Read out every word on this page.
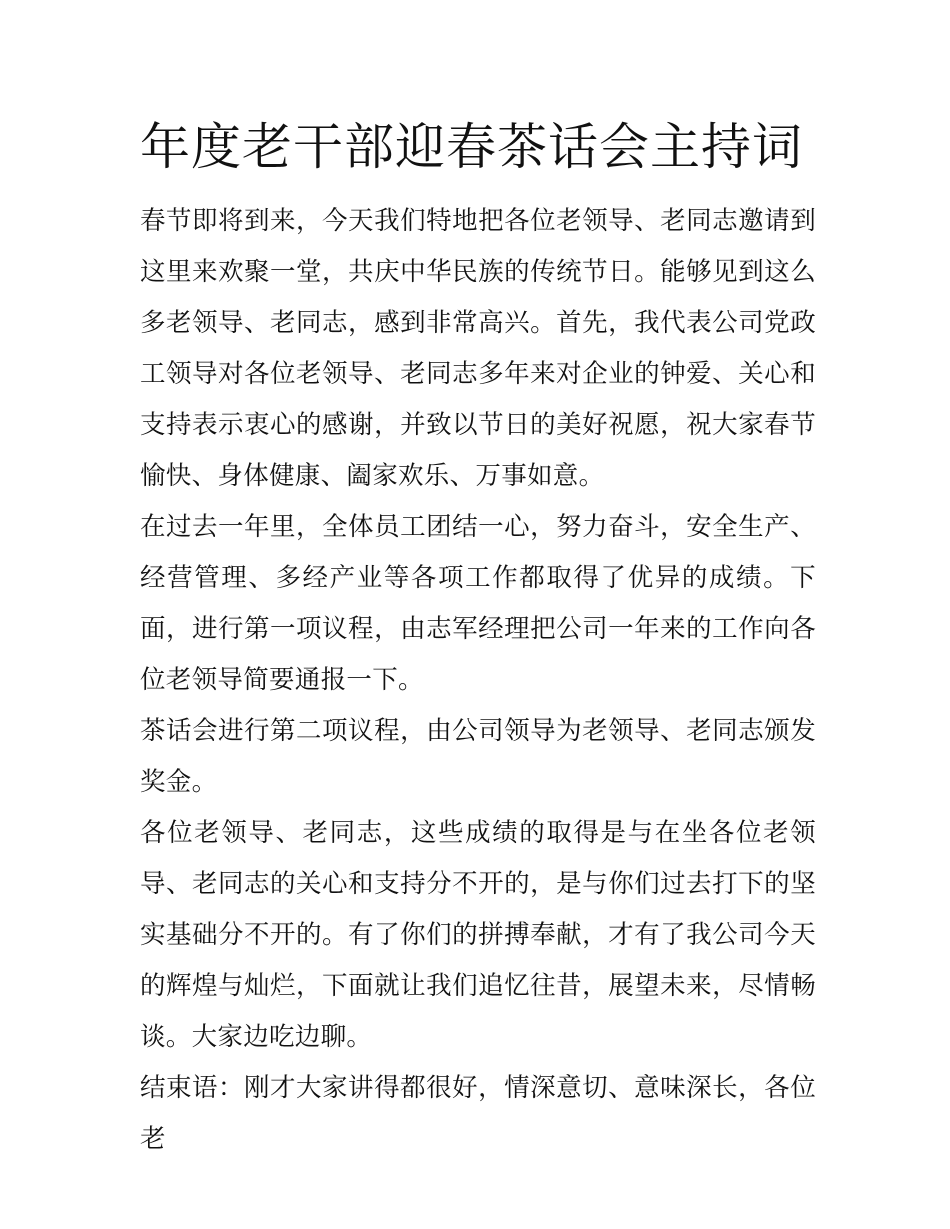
年度老干部迎春茶话会主持词

春节即将到来，今天我们特地把各位老领导、老同志邀请到这里来欢聚一堂，共庆中华民族的传统节日。能够见到这么多老领导、老同志，感到非常高兴。首先，我代表公司党政工领导对各位老领导、老同志多年来对企业的钟爱、关心和支持表示衷心的感谢，并致以节日的美好祝愿，祝大家春节愉快、身体健康、阖家欢乐、万事如意。

在过去一年里，全体员工团结一心，努力奋斗，安全生产、经营管理、多经产业等各项工作都取得了优异的成绩。下面，进行第一项议程，由志军经理把公司一年来的工作向各位老领导简要通报一下。

茶话会进行第二项议程，由公司领导为老领导、老同志颁发奖金。

各位老领导、老同志，这些成绩的取得是与在坐各位老领导、老同志的关心和支持分不开的，是与你们过去打下的坚实基础分不开的。有了你们的拼搏奉献，才有了我公司今天的辉煌与灿烂，下面就让我们追忆往昔，展望未来，尽情畅谈。大家边吃边聊。

结束语：刚才大家讲得都很好，情深意切、意味深长，各位老
